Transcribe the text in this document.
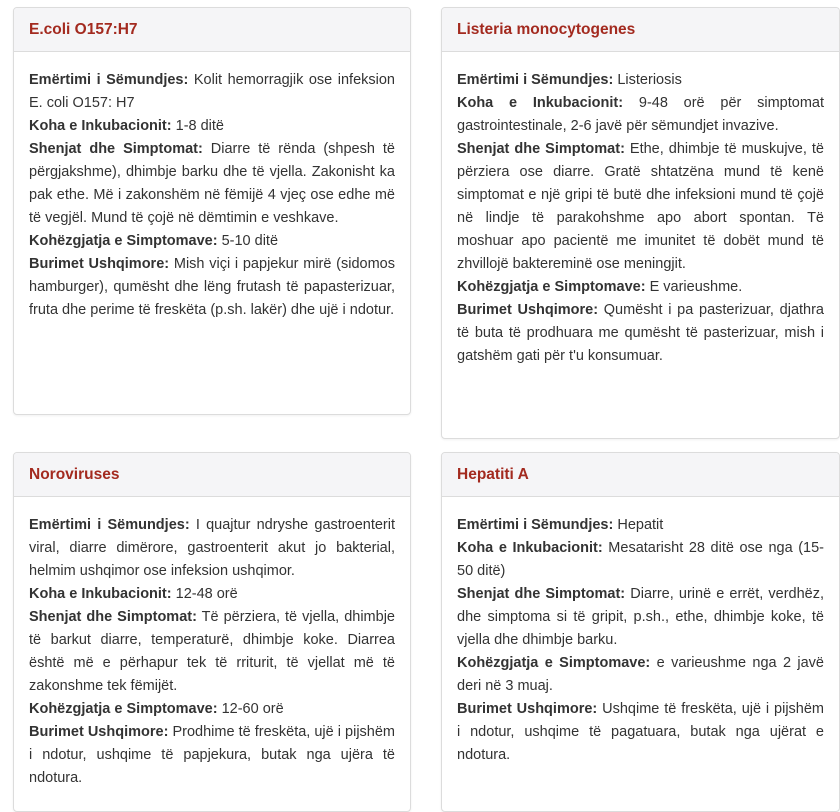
E.coli O157:H7

Emërtimi i Sëmundjes: Kolit hemorragjik ose infeksion E. coli O157: H7

Koha e Inkubacionit: 1-8 ditë

Shenjat dhe Simptomat: Diarre të rënda (shpesh të përgjakshme), dhimbje barku dhe të vjella. Zakonisht ka pak ethe. Më i zakonshëm në fëmijë 4 vjeç ose edhe më të vegjël. Mund të çojë në dëmtimin e veshkave.

Kohëzgjatja e Simptomave: 5-10 ditë

Burimet Ushqimore: Mish viçi i papjekur mirë (sidomos hamburger), qumësht dhe lëng frutash të papasterizuar, fruta dhe perime të freskëta (p.sh. lakër) dhe ujë i ndotur.

Listeria monocytogenes

Emërtimi i Sëmundjes: Listeriosis

Koha e Inkubacionit: 9-48 orë për simptomat gastrointestinale, 2-6 javë për sëmundjet invazive.

Shenjat dhe Simptomat: Ethe, dhimbje të muskujve, të përziera ose diarre. Gratë shtatzëna mund të kenë simptomat e një gripi të butë dhe infeksioni mund të çojë në lindje të parakohshme apo abort spontan. Të moshuar apo pacientë me imunitet të dobët mund të zhvillojë baktereminë ose meningjit.

Kohëzgjatja e Simptomave: E varieushme.

Burimet Ushqimore: Qumësht i pa pasterizuar, djathra të buta të prodhuara me qumësht të pasterizuar, mish i gatshëm gati për t'u konsumuar.

Noroviruses

Emërtimi i Sëmundjes: I quajtur ndryshe gastroenterit viral, diarre dimërore, gastroenterit akut jo bakterial, helmim ushqimor ose infeksion ushqimor.

Koha e Inkubacionit: 12-48 orë

Shenjat dhe Simptomat: Të përziera, të vjella, dhimbje të barkut diarre, temperaturë, dhimbje koke. Diarrea është më e përhapur tek të rriturit, të vjellat më të zakonshme tek fëmijët.

Kohëzgjatja e Simptomave: 12-60 orë

Burimet Ushqimore: Prodhime të freskëta, ujë i pijshëm i ndotur, ushqime të papjekura, butak nga ujëra të ndotura.

Hepatiti A

Emërtimi i Sëmundjes: Hepatit

Koha e Inkubacionit: Mesatarisht 28 ditë ose nga (15-50 ditë)

Shenjat dhe Simptomat: Diarre, urinë e errët, verdhëz, dhe simptoma si të gripit, p.sh., ethe, dhimbje koke, të vjella dhe dhimbje barku.

Kohëzgjatja e Simptomave: e varieushme nga 2 javë deri në 3 muaj.

Burimet Ushqimore: Ushqime të freskëta, ujë i pijshëm i ndotur, ushqime të pagatuara, butak nga ujërat e ndotura.
